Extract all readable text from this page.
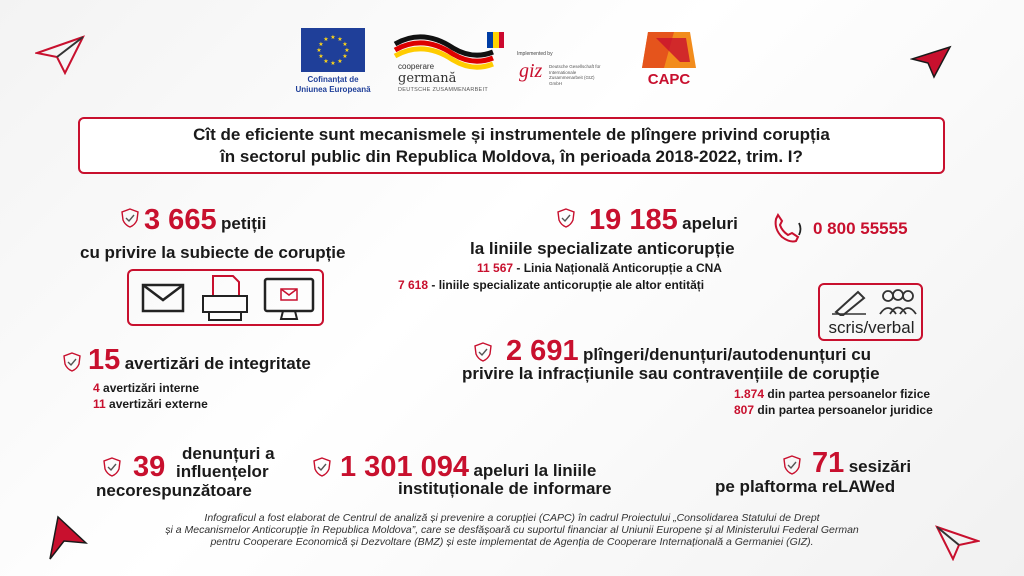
★ ★
★
★
★
★
★
★
★
★
★
★
Cofinanțat de
Uniunea Europeană
cooperare
germană
DEUTSCHE ZUSAMMENARBEIT
Implemented by
giz Deutsche Gesellschaft für Internationale Zusammenarbeit (GIZ) GmbH	CAPC
Cît de eficiente sunt mecanismele și instrumentele de plîngere privind corupția
în sectorul public din Republica Moldova, în perioada 2018-2022, trim. I?
3 665 petiții
cu privire la subiecte de corupție
19 185 apeluri
la liniile specializate anticorupție
0 800 55555
11 567 - Linia Națională Anticorupție a CNA
7 618 - liniile specializate anticorupție ale altor entități
scris/verbal
15 avertizări de integritate
4 avertizări interne
11 avertizări externe
2 691 plîngeri/denunțuri/autodenunțuri cu
privire la infracțiunile sau contravențiile de corupție
1.874 din partea persoanelor fizice
807 din partea persoanelor juridice
39 denunțuri a
influențelor
necorespunzătoare
1 301 094 apeluri la liniile
instituționale de informare
71 sesizări
pe plaftorma reLAWed
Infograficul a fost elaborat de Centrul de analiză și prevenire a corupției (CAPC) în cadrul Proiectului „Consolidarea Statului de Drept
și a Mecanismelor Anticorupție în Republica Moldova”, care se desfășoară cu suportul financiar al Uniunii Europene și al Ministerului Federal German
pentru Cooperare Economică și Dezvoltare (BMZ) și este implementat de Agenția de Cooperare Internațională a Germaniei (GIZ).
